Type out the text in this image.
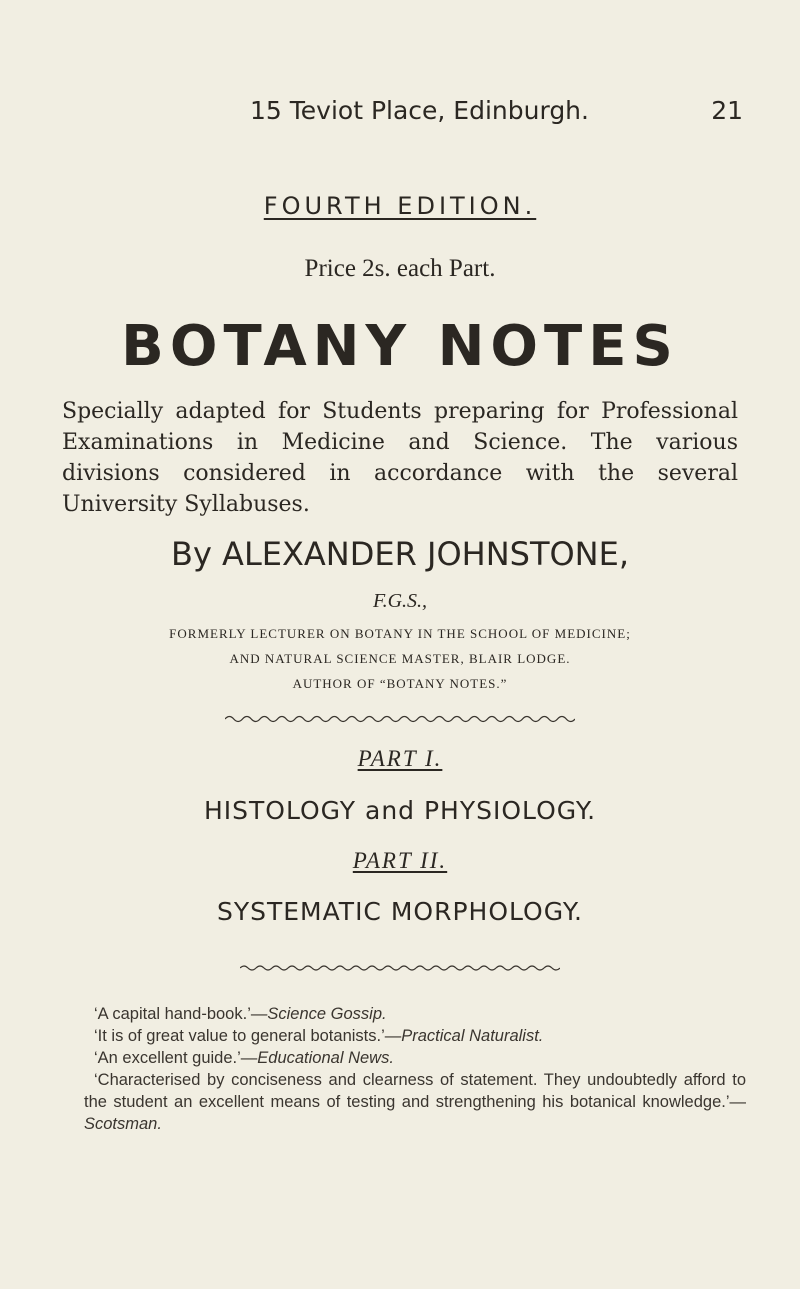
15 Teviot Place, Edinburgh.	21
FOURTH EDITION.
Price 2s. each Part.
BOTANY NOTES
Specially adapted for Students preparing for Professional Examinations in Medicine and Science. The various divisions considered in accordance with the several University Syllabuses.
By ALEXANDER JOHNSTONE,
F.G.S.,
FORMERLY LECTURER ON BOTANY IN THE SCHOOL OF MEDICINE;
AND NATURAL SCIENCE MASTER, BLAIR LODGE.
AUTHOR OF “BOTANY NOTES.”
PART I.
HISTOLOGY and PHYSIOLOGY.
PART II.
SYSTEMATIC MORPHOLOGY.
‘A capital hand-book.’—Science Gossip.
‘It is of great value to general botanists.’—Practical Naturalist.
‘An excellent guide.’—Educational News.
‘Characterised by conciseness and clearness of statement. They undoubtedly afford to the student an excellent means of testing and strengthening his botanical knowledge.’—Scotsman.
